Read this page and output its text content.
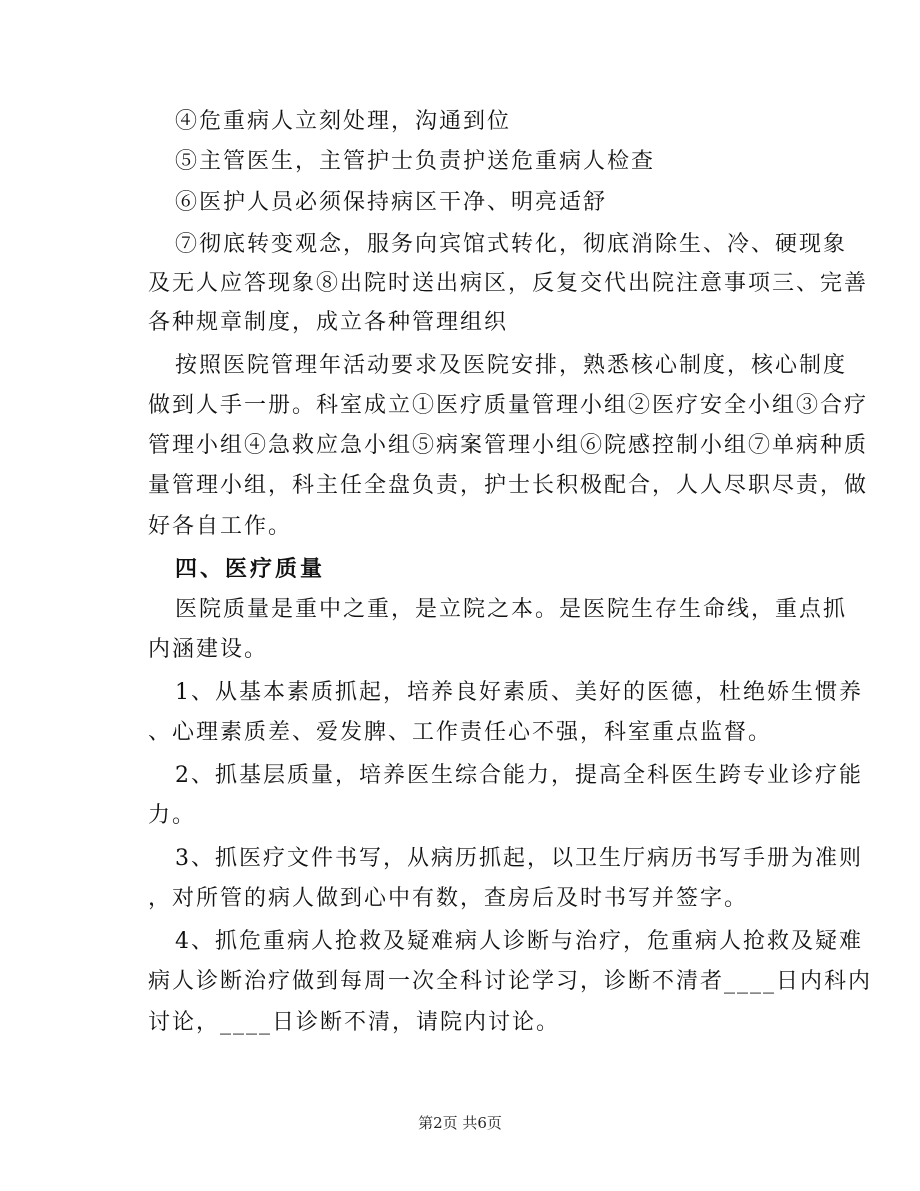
④危重病人立刻处理，沟通到位
⑤主管医生，主管护士负责护送危重病人检查
⑥医护人员必须保持病区干净、明亮适舒
⑦彻底转变观念，服务向宾馆式转化，彻底消除生、冷、硬现象
及无人应答现象⑧出院时送出病区，反复交代出院注意事项三、完善
各种规章制度，成立各种管理组织
按照医院管理年活动要求及医院安排，熟悉核心制度，核心制度
做到人手一册。科室成立①医疗质量管理小组②医疗安全小组③合疗
管理小组④急救应急小组⑤病案管理小组⑥院感控制小组⑦单病种质
量管理小组，科主任全盘负责，护士长积极配合，人人尽职尽责，做
好各自工作。
四、医疗质量
医院质量是重中之重，是立院之本。是医院生存生命线，重点抓
内涵建设。
1、从基本素质抓起，培养良好素质、美好的医德，杜绝娇生惯养
、心理素质差、爱发脾、工作责任心不强，科室重点监督。
2、抓基层质量，培养医生综合能力，提高全科医生跨专业诊疗能
力。
3、抓医疗文件书写，从病历抓起，以卫生厅病历书写手册为准则
，对所管的病人做到心中有数，查房后及时书写并签字。
4、抓危重病人抢救及疑难病人诊断与治疗，危重病人抢救及疑难
病人诊断治疗做到每周一次全科讨论学习，诊断不清者____日内科内
讨论，____日诊断不清，请院内讨论。
第2页 共6页
